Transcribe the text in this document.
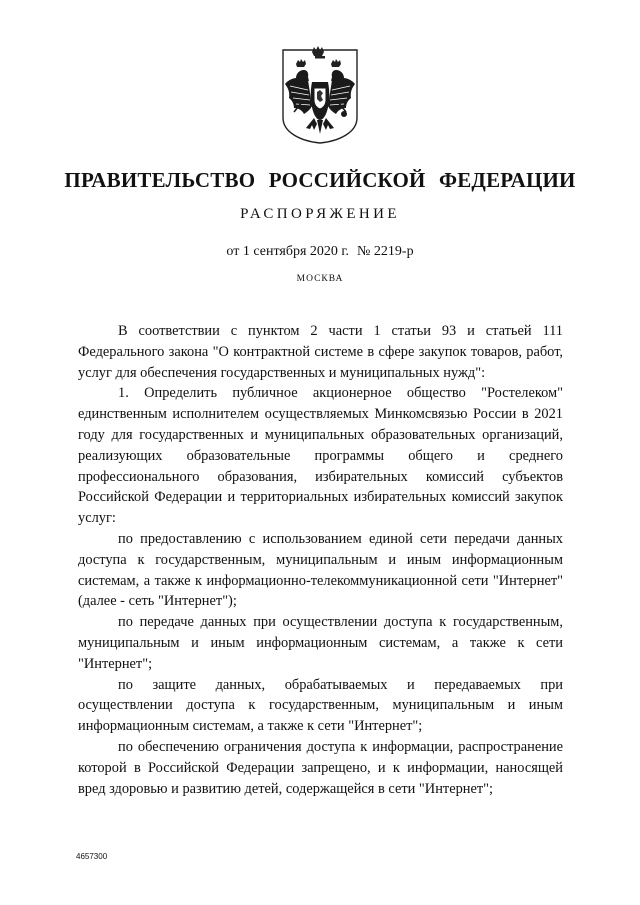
ПРАВИТЕЛЬСТВО РОССИЙСКОЙ ФЕДЕРАЦИИ
РАСПОРЯЖЕНИЕ
от 1 сентября 2020 г. № 2219-р
МОСКВА

В соответствии с пунктом 2 части 1 статьи 93 и статьей 111 Федерального закона "О контрактной системе в сфере закупок товаров, работ, услуг для обеспечения государственных и муниципальных нужд":

1. Определить публичное акционерное общество "Ростелеком" единственным исполнителем осуществляемых Минкомсвязью России в 2021 году для государственных и муниципальных образовательных организаций, реализующих образовательные программы общего и среднего профессионального образования, избирательных комиссий субъектов Российской Федерации и территориальных избирательных комиссий закупок услуг:

по предоставлению с использованием единой сети передачи данных доступа к государственным, муниципальным и иным информационным системам, а также к информационно-телекоммуникационной сети "Интернет" (далее - сеть "Интернет");

по передаче данных при осуществлении доступа к государственным, муниципальным и иным информационным системам, а также к сети "Интернет";

по защите данных, обрабатываемых и передаваемых при осуществлении доступа к государственным, муниципальным и иным информационным системам, а также к сети "Интернет";

по обеспечению ограничения доступа к информации, распространение которой в Российской Федерации запрещено, и к информации, наносящей вред здоровью и развитию детей, содержащейся в сети "Интернет";

4657300
